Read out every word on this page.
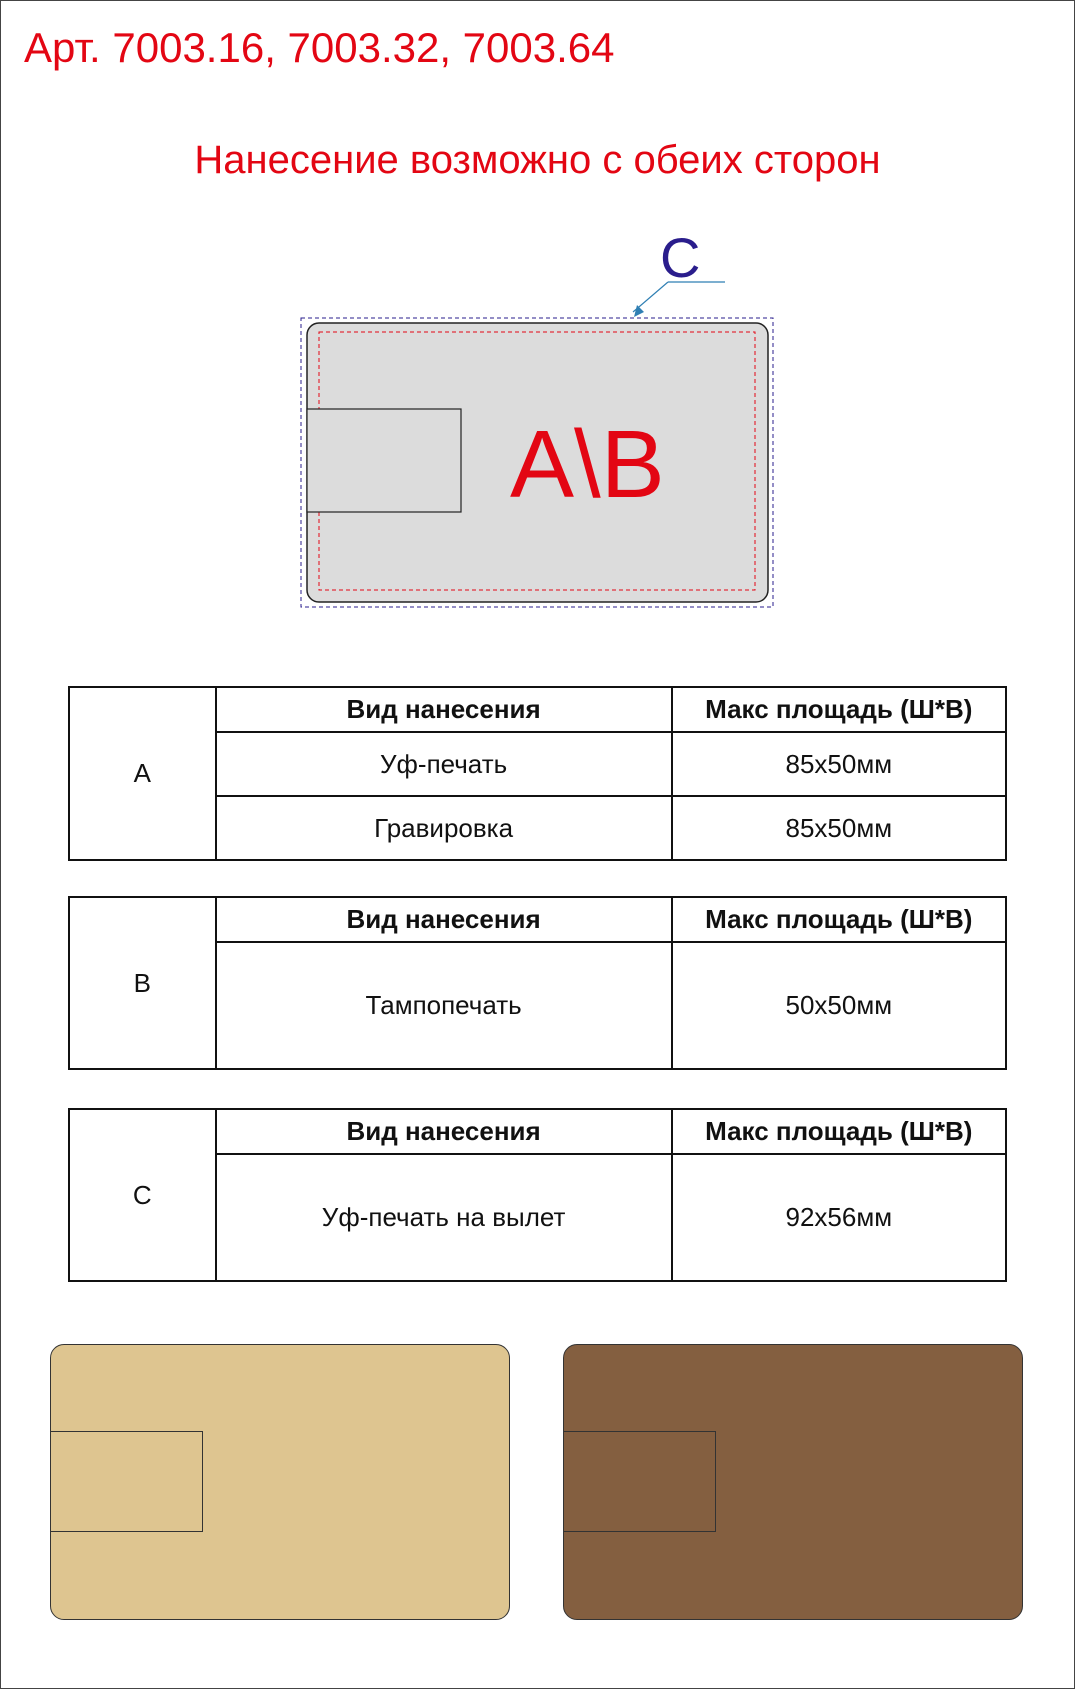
Арт. 7003.16, 7003.32, 7003.64
Нанесение возможно с обеих сторон
C
A\B
A	Вид нанесения	Макс площадь (Ш*В)
	Уф-печать	85x50мм
	Гравировка	85x50мм
B	Вид нанесения	Макс площадь (Ш*В)
	Тампопечать	50x50мм
C	Вид нанесения	Макс площадь (Ш*В)
	Уф-печать на вылет	92x56мм
